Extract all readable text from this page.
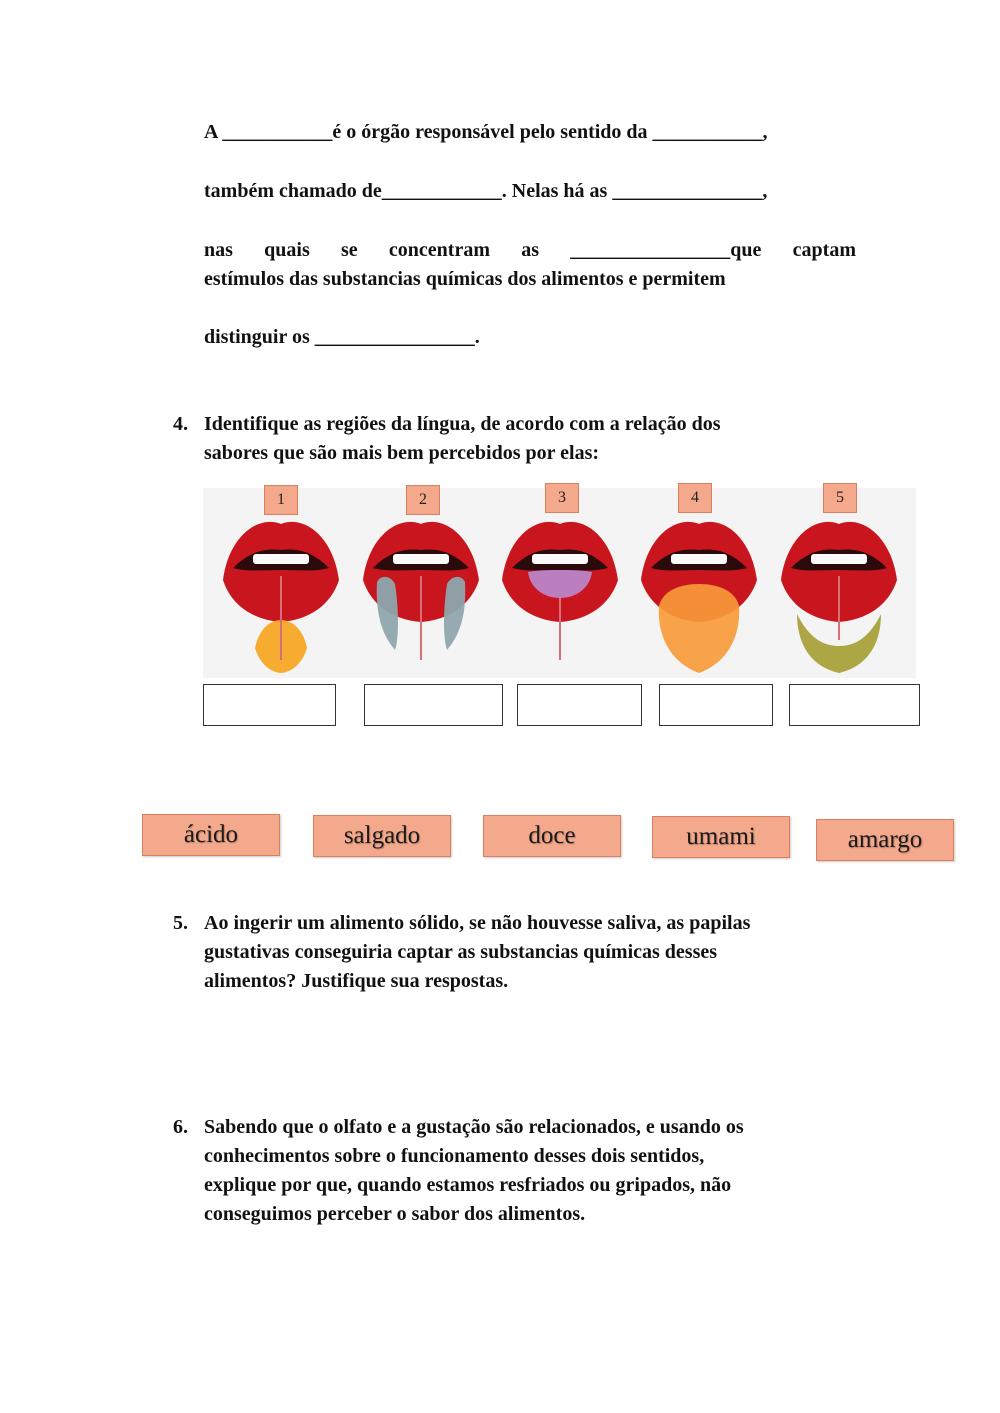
A ___________é o órgão responsável pelo sentido da ___________,
também chamado de____________. Nelas há as _______________,
nas quais se concentram as ________________que captam
estímulos das substancias químicas dos alimentos e permitem
distinguir os ________________.
4. Identifique as regiões da língua, de acordo com a relação dos
sabores que são mais bem percebidos por elas:
1	2	3	4	5
ácido	salgado	doce	umami	amargo
5. Ao ingerir um alimento sólido, se não houvesse saliva, as papilas
gustativas conseguiria captar as substancias químicas desses
alimentos? Justifique sua respostas.
6. Sabendo que o olfato e a gustação são relacionados, e usando os
conhecimentos sobre o funcionamento desses dois sentidos,
explique por que, quando estamos resfriados ou gripados, não
conseguimos perceber o sabor dos alimentos.
